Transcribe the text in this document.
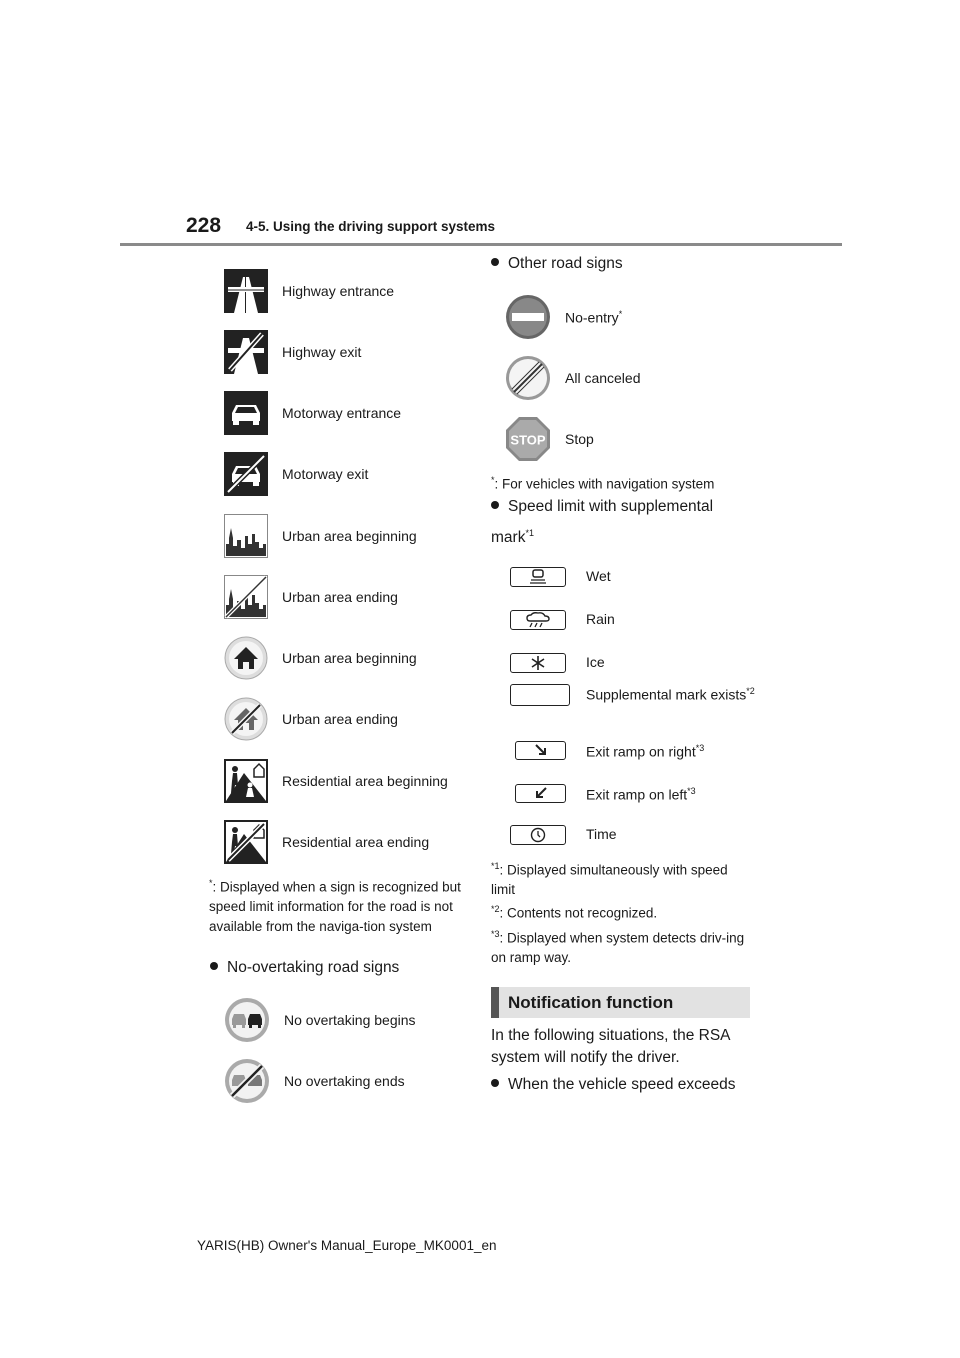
228 4-5. Using the driving support systems
Highway entrance
Highway exit
Motorway entrance
Motorway exit
Urban area beginning
Urban area ending
Urban area beginning
Urban area ending
Residential area beginning
Residential area ending
*: Displayed when a sign is recognized but speed limit information for the road is not available from the naviga-tion system
No-overtaking road signs
No overtaking begins
No overtaking ends
Other road signs
No-entry*
All canceled
STOP Stop
*: For vehicles with navigation system
Speed limit with supplemental mark$^{*1}$
Wet
Rain
Ice
Supplemental mark exists$^{*2}$
Exit ramp on right$^{*3}$
Exit ramp on left$^{*3}$
Time
$^{*1}$: Displayed simultaneously with speed limit
$^{*2}$: Contents not recognized.
$^{*3}$: Displayed when system detects driv-ing on ramp way.
Notification function
In the following situations, the RSA system will notify the driver.
When the vehicle speed exceeds
YARIS(HB) Owner's Manual_Europe_MK0001_en
